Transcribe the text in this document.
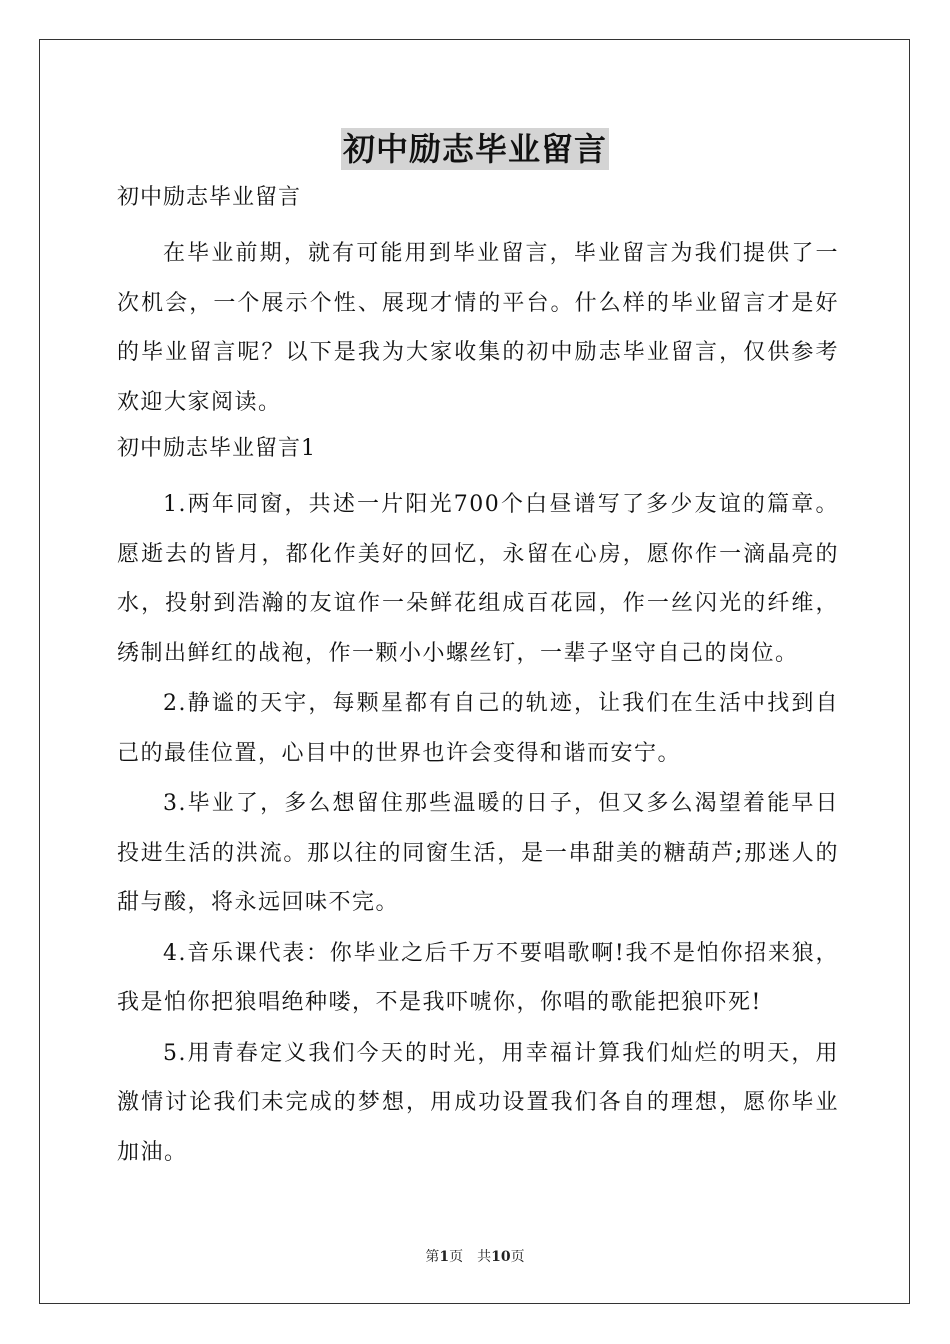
初中励志毕业留言
初中励志毕业留言

在毕业前期，就有可能用到毕业留言，毕业留言为我们提供了一次机会，一个展示个性、展现才情的平台。什么样的毕业留言才是好的毕业留言呢？以下是我为大家收集的初中励志毕业留言，仅供参考欢迎大家阅读。

初中励志毕业留言1

1.两年同窗，共述一片阳光700个白昼谱写了多少友谊的篇章。愿逝去的皆月，都化作美好的回忆，永留在心房，愿你作一滴晶亮的水，投射到浩瀚的友谊作一朵鲜花组成百花园，作一丝闪光的纤维，绣制出鲜红的战袍，作一颗小小螺丝钉，一辈子坚守自己的岗位。

2.静谧的天宇，每颗星都有自己的轨迹，让我们在生活中找到自己的最佳位置，心目中的世界也许会变得和谐而安宁。

3.毕业了，多么想留住那些温暖的日子，但又多么渴望着能早日投进生活的洪流。那以往的同窗生活，是一串甜美的糖葫芦;那迷人的甜与酸，将永远回味不完。

4.音乐课代表：你毕业之后千万不要唱歌啊!我不是怕你招来狼，我是怕你把狼唱绝种喽，不是我吓唬你，你唱的歌能把狼吓死!

5.用青春定义我们今天的时光，用幸福计算我们灿烂的明天，用激情讨论我们未完成的梦想，用成功设置我们各自的理想，愿你毕业加油。

第1页　共10页
